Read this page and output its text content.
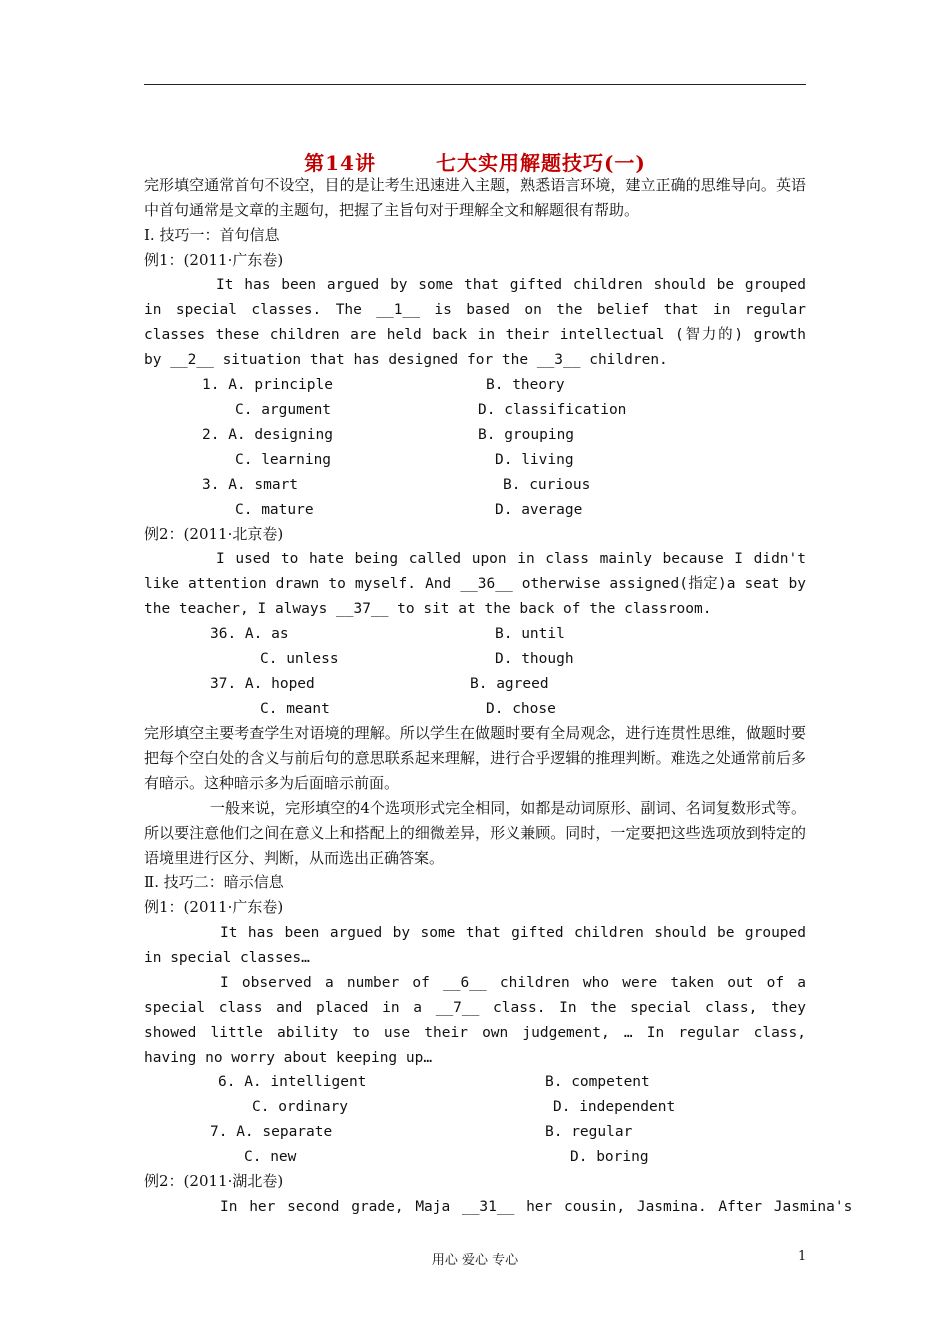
第14讲	七大实用解题技巧(一)

完形填空通常首句不设空，目的是让考生迅速进入主题，熟悉语言环境，建立正确的思维导向。英语中首句通常是文章的主题句，把握了主旨句对于理解全文和解题很有帮助。

Ⅰ. 技巧一：首句信息

例1：(2011·广东卷)

It has been argued by some that gifted children should be grouped in special classes. The __1__ is based on the belief that in regular classes these children are held back in their intellectual (智力的) growth by __2__ situation that has designed for the __3__ children.

1. A. principle	B. theory
C. argument	D. classification
2. A. designing	B. grouping
C. learning	D. living
3. A. smart	B. curious
C. mature	D. average

例2：(2011·北京卷)

I used to hate being called upon in class mainly because I didn't like attention drawn to myself. And __36__ otherwise assigned(指定)a seat by the teacher, I always __37__ to sit at the back of the classroom.

36. A. as	B. until
C. unless	D. though
37. A. hoped	B. agreed
C. meant	D. chose

完形填空主要考查学生对语境的理解。所以学生在做题时要有全局观念，进行连贯性思维，做题时要把每个空白处的含义与前后句的意思联系起来理解，进行合乎逻辑的推理判断。难选之处通常前后多有暗示。这种暗示多为后面暗示前面。

一般来说，完形填空的4个选项形式完全相同，如都是动词原形、副词、名词复数形式等。所以要注意他们之间在意义上和搭配上的细微差异，形义兼顾。同时，一定要把这些选项放到特定的语境里进行区分、判断，从而选出正确答案。

Ⅱ. 技巧二：暗示信息

例1：(2011·广东卷)

It has been argued by some that gifted children should be grouped in special classes…

I observed a number of __6__ children who were taken out of a special class and placed in a __7__ class. In the special class, they showed little ability to use their own judgement, … In regular class, having no worry about keeping up…

6. A. intelligent	B. competent
C. ordinary	D. independent
7. A. separate	B. regular
C. new	D. boring

例2：(2011·湖北卷)

In her second grade, Maja __31__ her cousin, Jasmina. After Jasmina's

用心 爱心 专心	1
